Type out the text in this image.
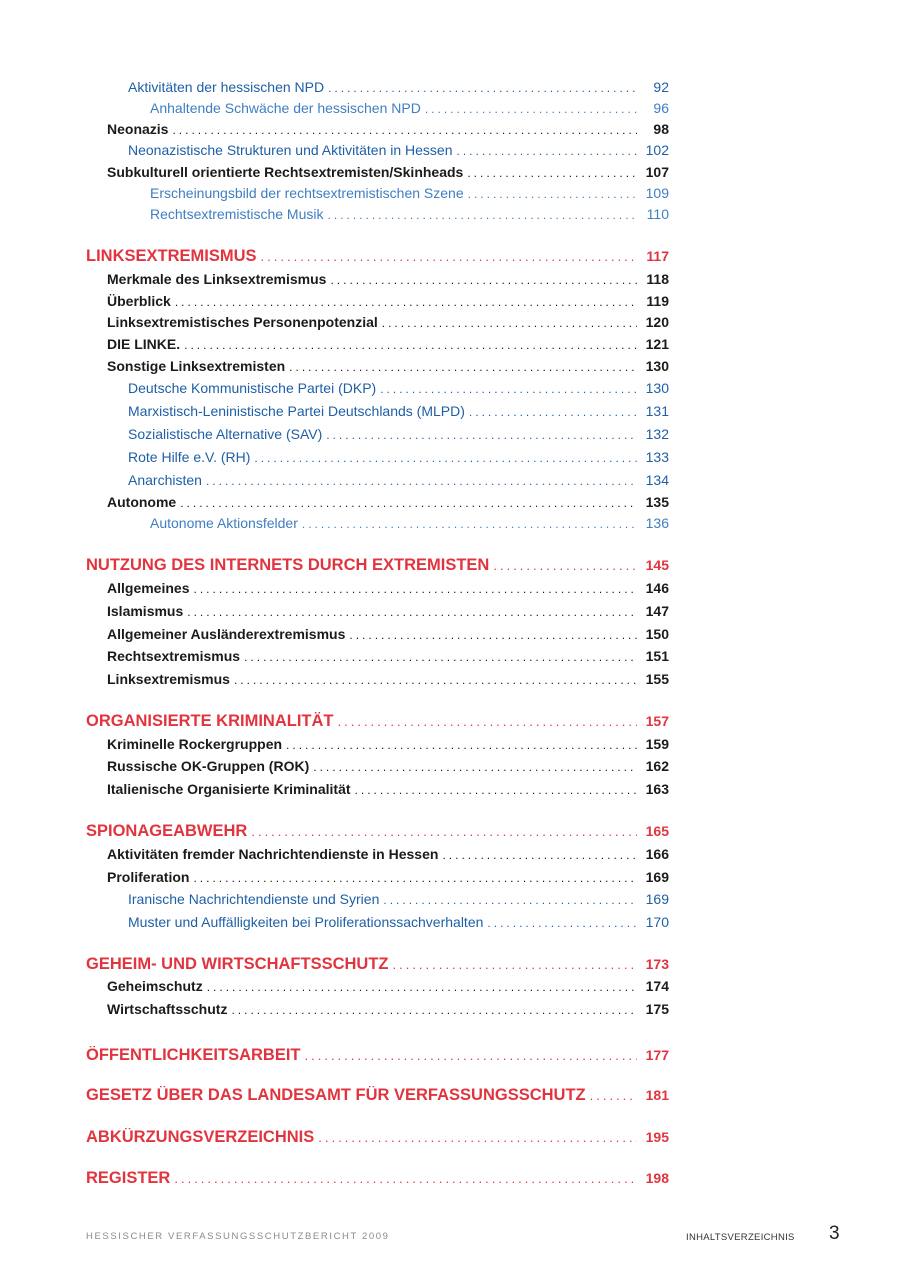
Aktivitäten der hessischen NPD .....	92
Anhaltende Schwäche der hessischen NPD .....	96
Neonazis .....	98
Neonazistische Strukturen und Aktivitäten in Hessen .....	102
Subkulturell orientierte Rechtsextremisten/Skinheads .....	107
Erscheinungsbild der rechtsextremistischen Szene .....	109
Rechtsextremistische Musik .....	110
LINKSEXTREMISMUS .....	117
Merkmale des Linksextremismus .....	118
Überblick .....	119
Linksextremistisches Personenpotenzial .....	120
DIE LINKE. .....	121
Sonstige Linksextremisten .....	130
Deutsche Kommunistische Partei (DKP) .....	130
Marxistisch-Leninistische Partei Deutschlands (MLPD) .....	131
Sozialistische Alternative (SAV) .....	132
Rote Hilfe e.V. (RH) .....	133
Anarchisten .....	134
Autonome .....	135
Autonome Aktionsfelder .....	136
NUTZUNG DES INTERNETS DURCH EXTREMISTEN .....	145
Allgemeines .....	146
Islamismus .....	147
Allgemeiner Ausländerextremismus .....	150
Rechtsextremismus .....	151
Linksextremismus .....	155
ORGANISIERTE KRIMINALITÄT .....	157
Kriminelle Rockergruppen .....	159
Russische OK-Gruppen (ROK) .....	162
Italienische Organisierte Kriminalität .....	163
SPIONAGEABWEHR .....	165
Aktivitäten fremder Nachrichtendienste in Hessen .....	166
Proliferation .....	169
Iranische Nachrichtendienste und Syrien .....	169
Muster und Auffälligkeiten bei Proliferationssachverhalten .....	170
GEHEIM- UND WIRTSCHAFTSSCHUTZ .....	173
Geheimschutz .....	174
Wirtschaftsschutz .....	175
ÖFFENTLICHKEITSARBEIT .....	177
GESETZ ÜBER DAS LANDESAMT FÜR VERFASSUNGSSCHUTZ .....	181
ABKÜRZUNGSVERZEICHNIS .....	195
REGISTER .....	198
HESSISCHER VERFASSUNGSSCHUTZBERICHT 2009	INHALTSVERZEICHNIS 3
